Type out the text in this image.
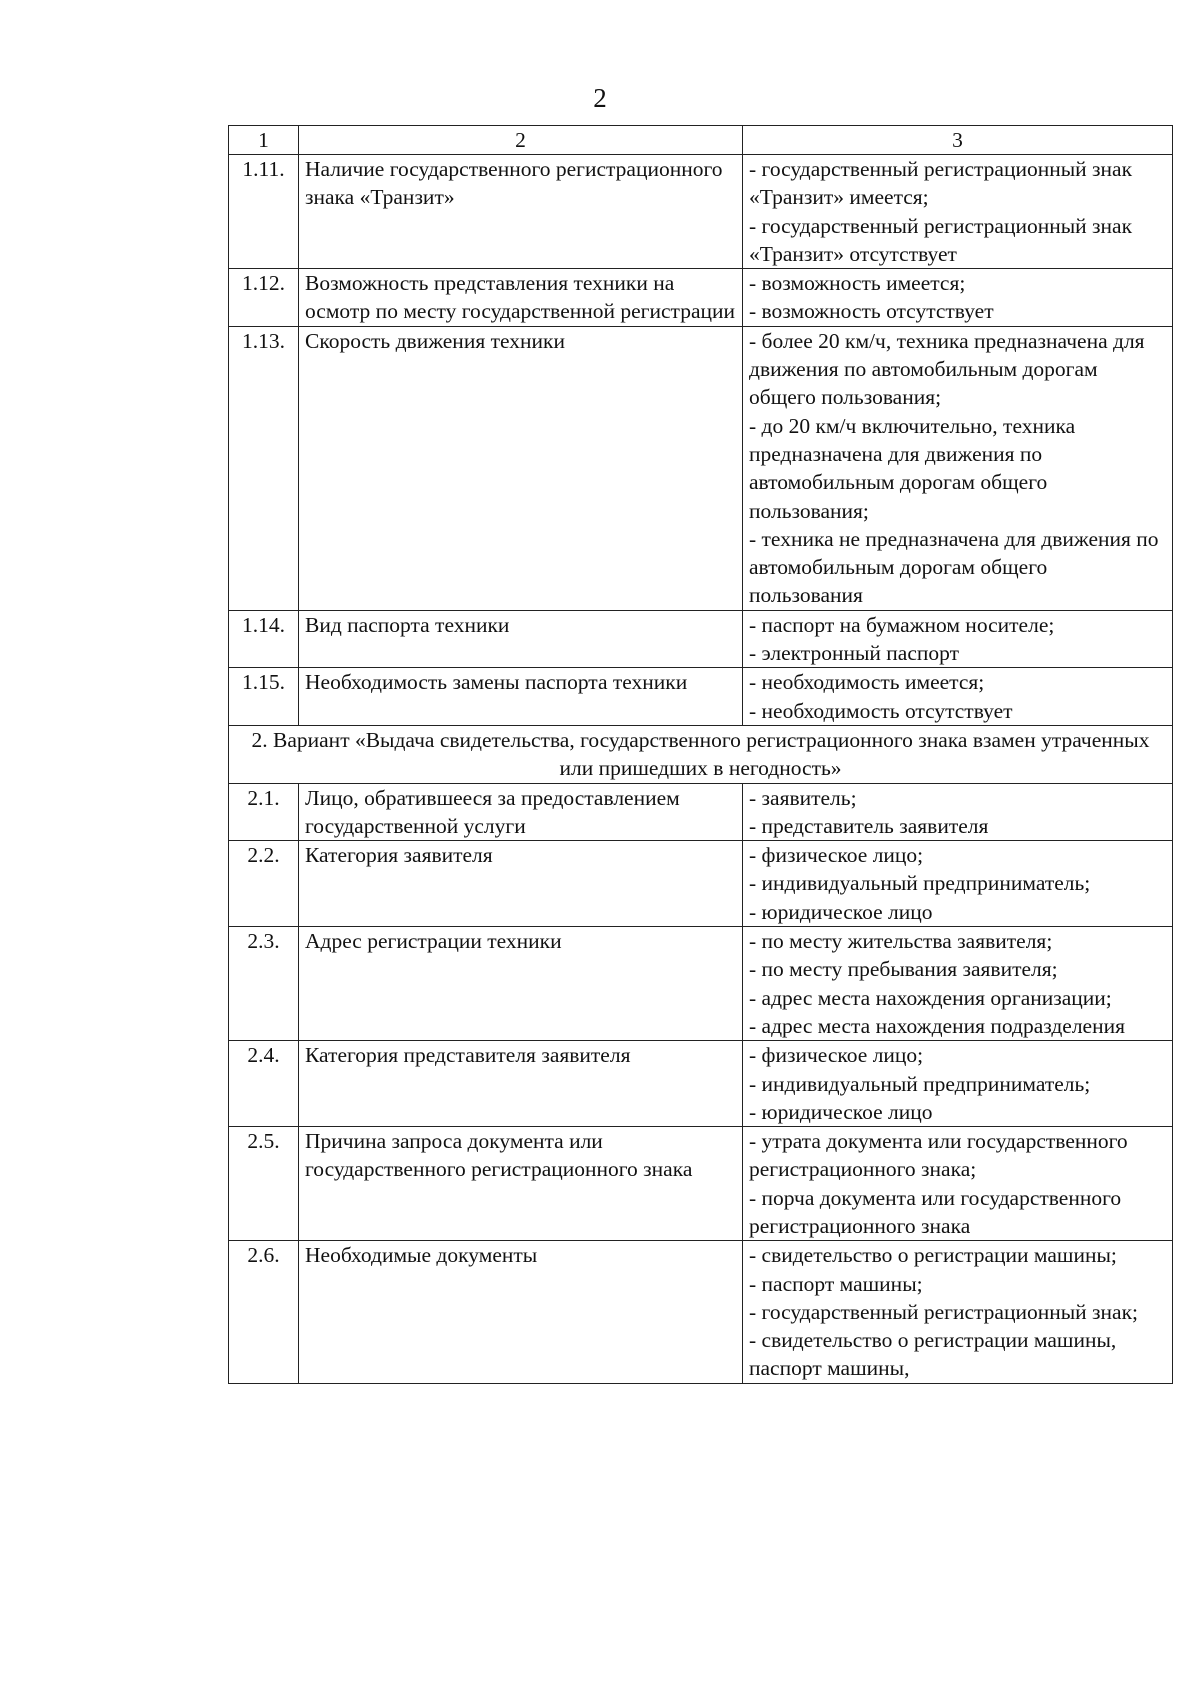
2
1	2	3
1.11.	Наличие государственного регистрационного знака «Транзит»	- государственный регистрационный знак «Транзит» имеется;
- государственный регистрационный знак «Транзит» отсутствует

1.12.	Возможность представления техники на осмотр по месту государственной регистрации	- возможность имеется;
- возможность отсутствует

1.13.	Скорость движения техники	- более 20 км/ч, техника предназначена для движения по автомобильным дорогам общего пользования;
- до 20 км/ч включительно, техника предназначена для движения по автомобильным дорогам общего пользования;
- техника не предназначена для движения по автомобильным дорогам общего пользования

1.14.	Вид паспорта техники	- паспорт на бумажном носителе;
- электронный паспорт

1.15.	Необходимость замены паспорта техники	- необходимость имеется;
- необходимость отсутствует

2. Вариант «Выдача свидетельства, государственного регистрационного знака взамен утраченных или пришедших в негодность»		
2.1.	Лицо, обратившееся за предоставлением государственной услуги	- заявитель;
- представитель заявителя

2.2.	Категория заявителя	- физическое лицо;
- индивидуальный предприниматель;
- юридическое лицо

2.3.	Адрес регистрации техники	- по месту жительства заявителя;
- по месту пребывания заявителя;
- адрес места нахождения организации;
- адрес места нахождения подразделения

2.4.	Категория представителя заявителя	- физическое лицо;
- индивидуальный предприниматель;
- юридическое лицо

2.5.	Причина запроса документа или государственного регистрационного знака	- утрата документа или государственного регистрационного знака;
- порча документа или государственного регистрационного знака

2.6.	Необходимые документы	- свидетельство о регистрации машины;
- паспорт машины;
- государственный регистрационный знак;
- свидетельство о регистрации машины, паспорт машины,
